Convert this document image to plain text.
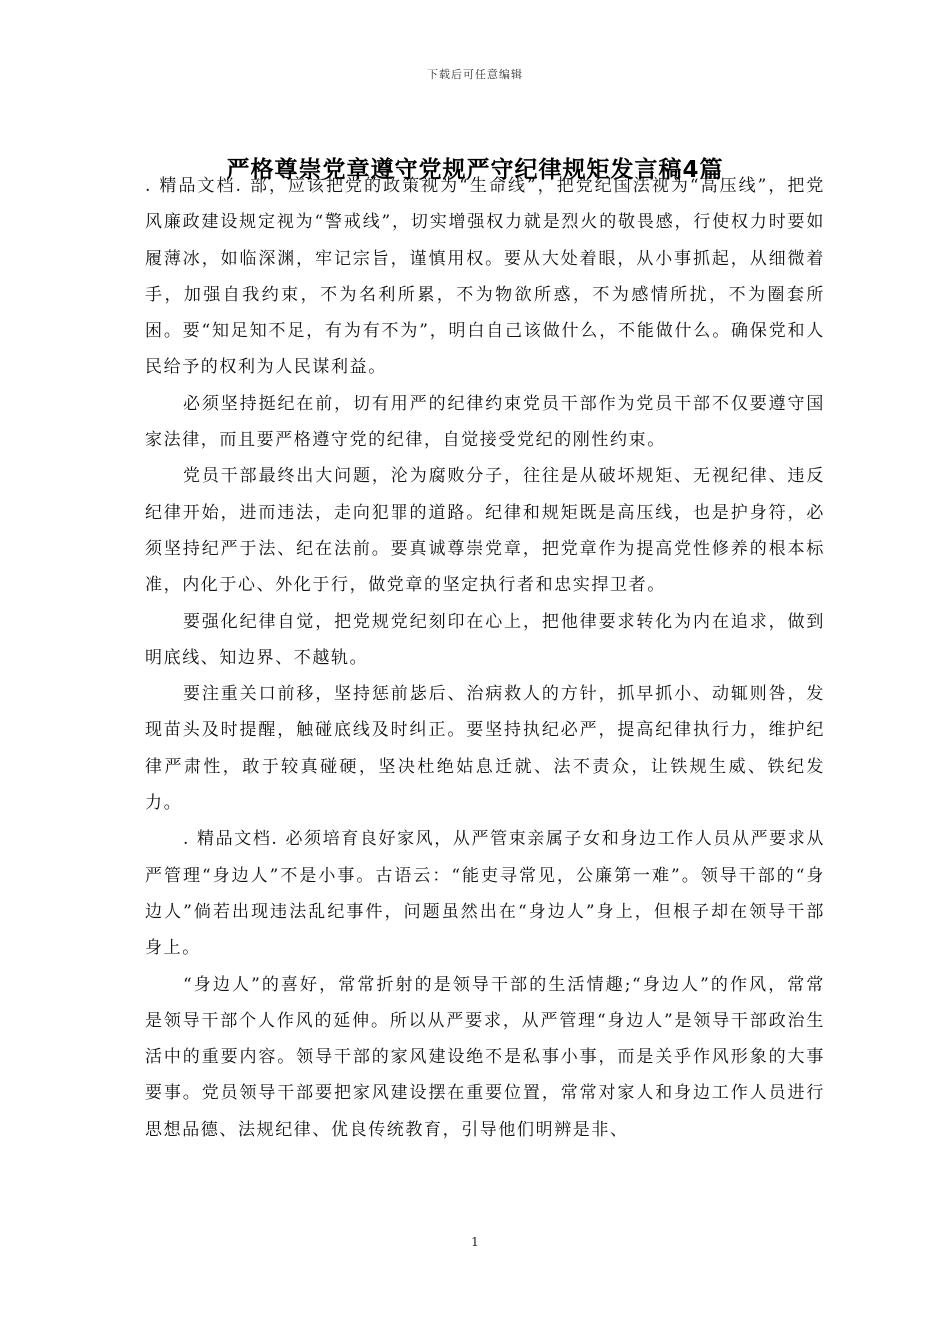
下载后可任意编辑
严格尊崇党章遵守党规严守纪律规矩发言稿4篇

. 精品文档. 部，应该把党的政策视为“生命线”，把党纪国法视为“高压线”，把党风廉政建设规定视为“警戒线”，切实增强权力就是烈火的敬畏感，行使权力时要如履薄冰，如临深渊，牢记宗旨，谨慎用权。要从大处着眼，从小事抓起，从细微着手，加强自我约束，不为名利所累，不为物欲所惑，不为感情所扰，不为圈套所困。要“知足知不足，有为有不为”，明白自己该做什么，不能做什么。确保党和人民给予的权利为人民谋利益。

必须坚持挺纪在前，切有用严的纪律约束党员干部作为党员干部不仅要遵守国家法律，而且要严格遵守党的纪律，自觉接受党纪的刚性约束。

党员干部最终出大问题，沦为腐败分子，往往是从破坏规矩、无视纪律、违反纪律开始，进而违法，走向犯罪的道路。纪律和规矩既是高压线，也是护身符，必须坚持纪严于法、纪在法前。要真诚尊崇党章，把党章作为提高党性修养的根本标准，内化于心、外化于行，做党章的坚定执行者和忠实捍卫者。

要强化纪律自觉，把党规党纪刻印在心上，把他律要求转化为内在追求，做到明底线、知边界、不越轨。

要注重关口前移，坚持惩前毖后、治病救人的方针，抓早抓小、动辄则咎，发现苗头及时提醒，触碰底线及时纠正。要坚持执纪必严，提高纪律执行力，维护纪律严肃性，敢于较真碰硬，坚决杜绝姑息迁就、法不责众，让铁规生威、铁纪发力。

. 精品文档. 必须培育良好家风，从严管束亲属子女和身边工作人员从严要求从严管理“身边人”不是小事。古语云：“能吏寻常见，公廉第一难”。领导干部的“身边人”倘若出现违法乱纪事件，问题虽然出在“身边人”身上，但根子却在领导干部身上。

“身边人”的喜好，常常折射的是领导干部的生活情趣;“身边人”的作风，常常是领导干部个人作风的延伸。所以从严要求，从严管理“身边人”是领导干部政治生活中的重要内容。领导干部的家风建设绝不是私事小事，而是关乎作风形象的大事要事。党员领导干部要把家风建设摆在重要位置，常常对家人和身边工作人员进行思想品德、法规纪律、优良传统教育，引导他们明辨是非、

1
